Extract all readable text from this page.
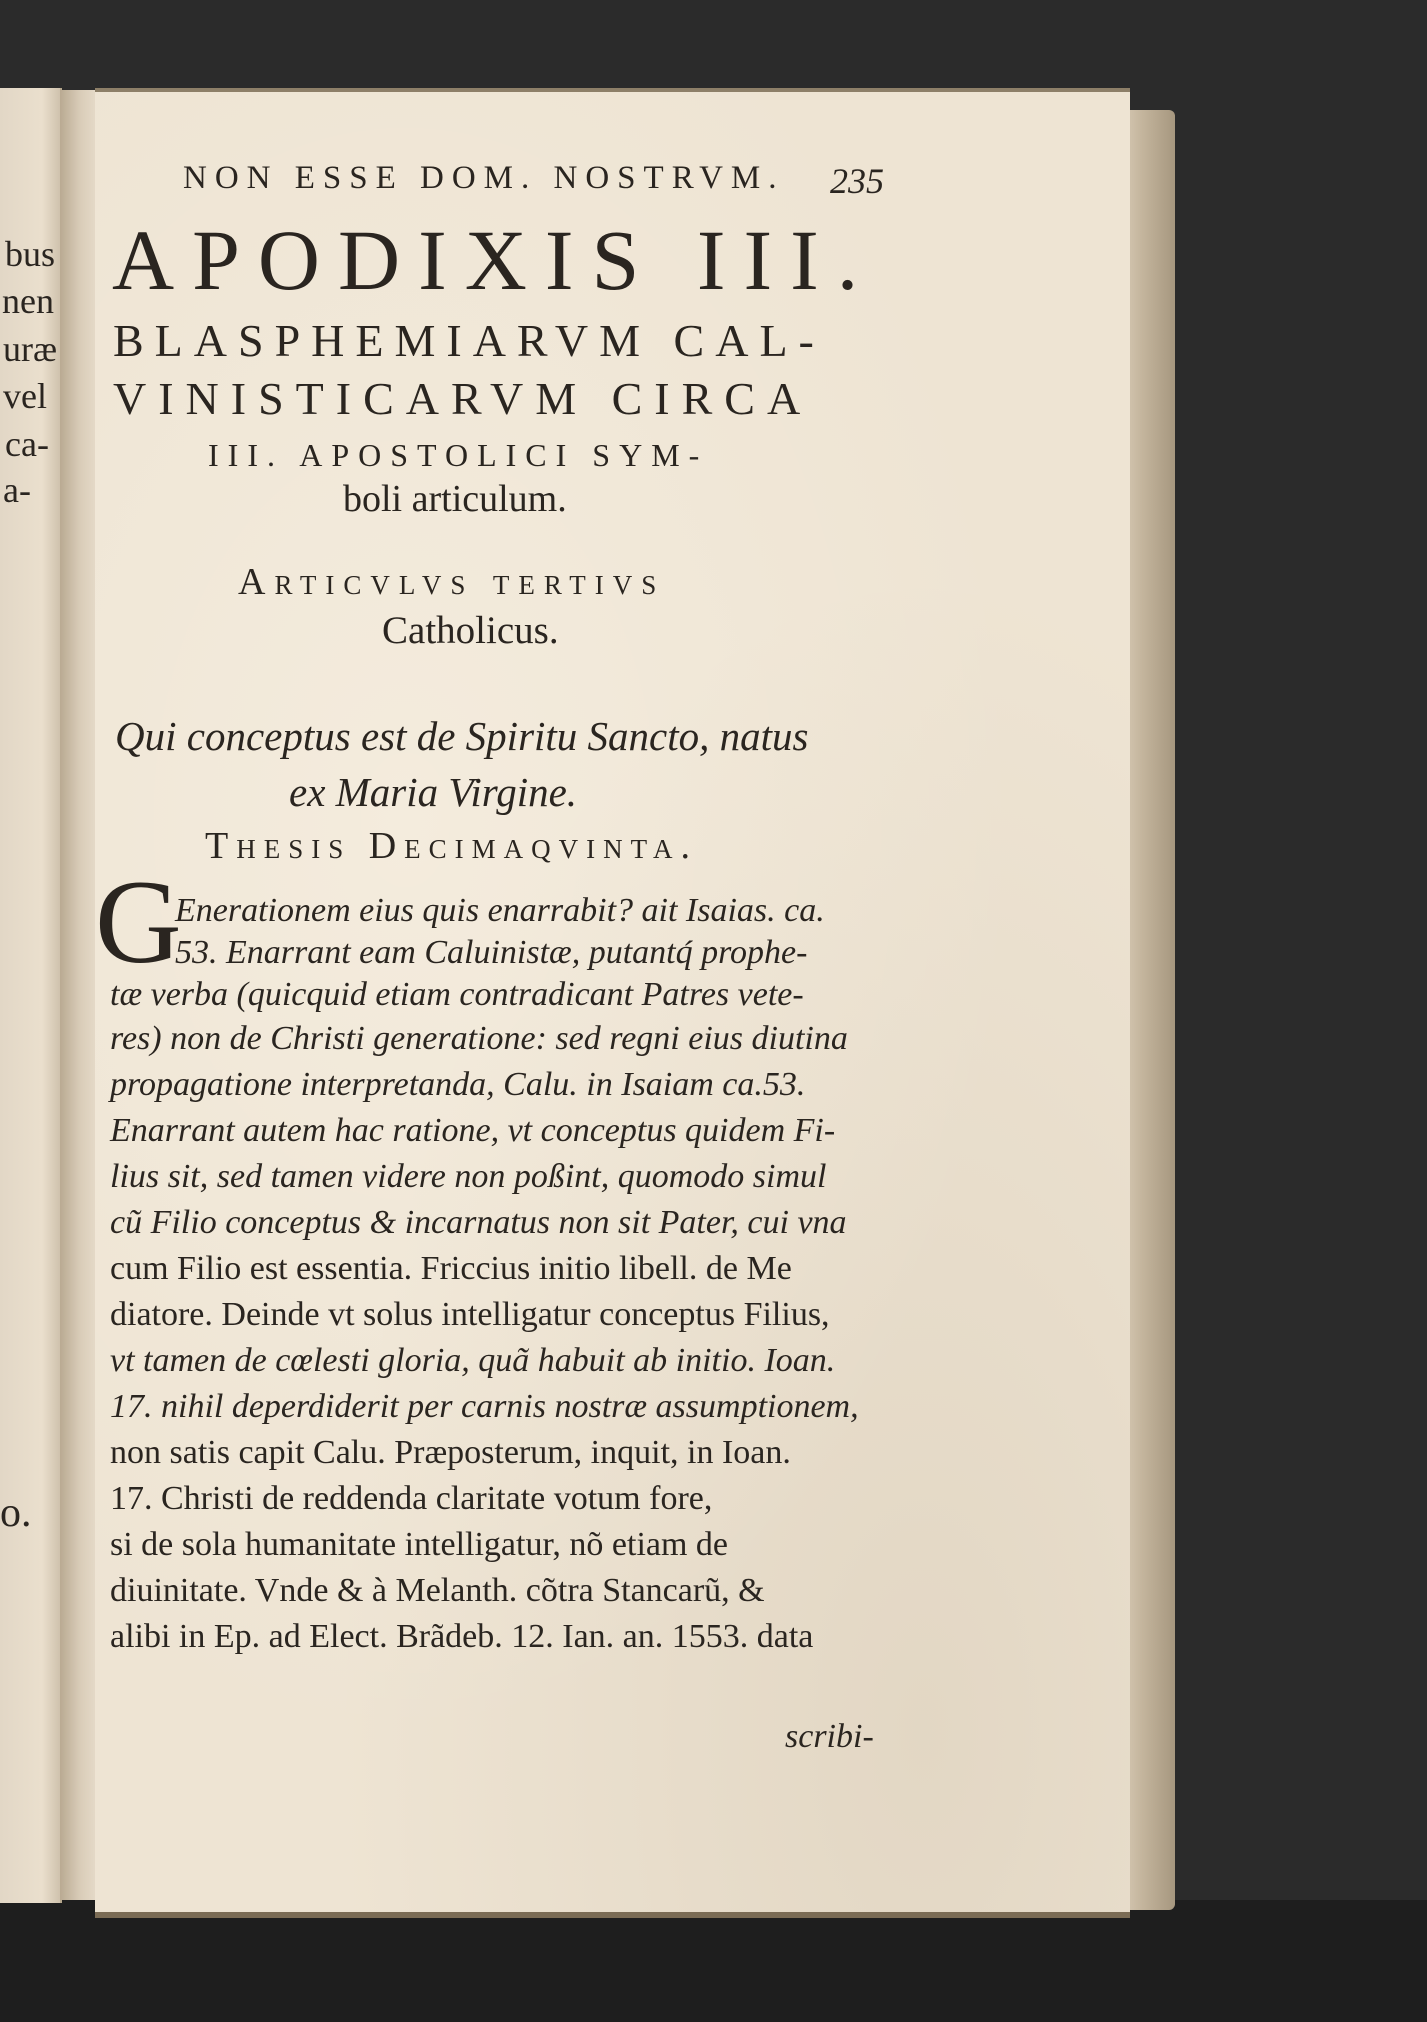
bus
nen
uræ
vel
ca-
a-
o.
NON ESSE DOM. NOSTRVM. 235
APODIXIS III.
BLASPHEMIARVM CAL-
VINISTICARVM CIRCA
III. APOSTOLICI SYM-
boli articulum.
Articvlvs tertivs
Catholicus.
Qui conceptus est de Spiritu Sancto, natus
ex Maria Virgine.
Thesis Decimaqvinta.
G
Enerationem eius quis enarrabit? ait Isaias. ca.
53. Enarrant eam Caluinistæ, putantq́ prophe-
tæ verba (quicquid etiam contradicant Patres vete-
res) non de Christi generatione: sed regni eius diutina
propagatione interpretanda, Calu. in Isaiam ca.53.
Enarrant autem hac ratione, vt conceptus quidem Fi-
lius sit, sed tamen videre non poßint, quomodo simul
cũ Filio conceptus & incarnatus non sit Pater, cui vna
cum Filio est essentia. Friccius initio libell. de Me
diatore. Deinde vt solus intelligatur conceptus Filius,
vt tamen de cœlesti gloria, quã habuit ab initio. Ioan.
17. nihil deperdiderit per carnis nostræ assumptionem,
non satis capit Calu. Præposterum, inquit, in Ioan.
17. Christi de reddenda claritate votum fore,
si de sola humanitate intelligatur, nõ etiam de
diuinitate. Vnde & à Melanth. cõtra Stancarũ, &
alibi in Ep. ad Elect. Brãdeb. 12. Ian. an. 1553. data
scribi-
